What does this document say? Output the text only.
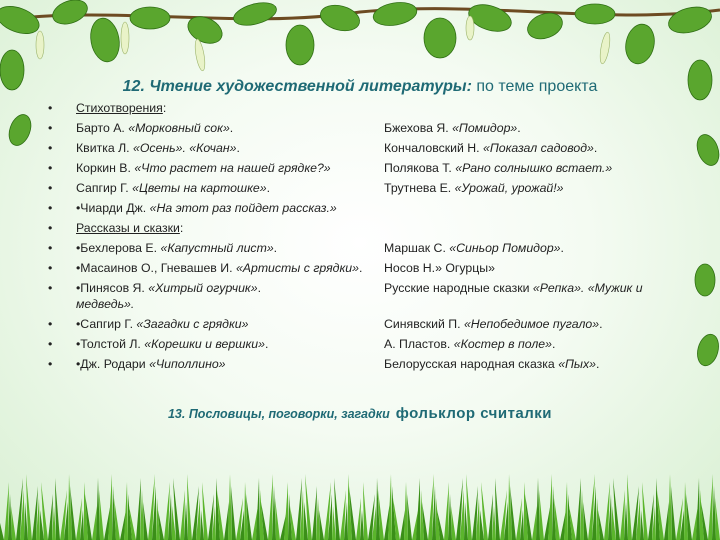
12. Чтение художественной литературы: по теме проекта
• Стихотворения:
• Барто А. «Морковный сок».	Бжехова Я. «Помидор».
• Квитка Л. «Осень». «Кочан».	Кончаловский Н. «Показал садовод».
• Коркин В. «Что растет на нашей грядке?»	Полякова Т. «Рано солнышко встает.»
• Сапгир Г. «Цветы на картошке».	Трутнева Е. «Урожай, урожай!»
• •Чиарди Дж. «На этот раз пойдет рассказ.»
• Рассказы и сказки:
• •Бехлерова Е. «Капустный лист».	Маршак С. «Синьор Помидор».
• •Масаинов О., Гневашев И. «Артисты с грядки». Носов Н.» Огурцы»
• •Пинясов Я. «Хитрый огурчик».	Русские народные сказки «Репка». «Мужик и
медведь».
• •Сапгир Г. «Загадки с грядки»	Синявский П. «Непобедимое пугало».
• •Толстой Л. «Корешки и вершки».	А. Пластов. «Костер в поле».
• •Дж. Родари «Чиполлино»	Белорусская народная сказка «Пых».
13. Пословицы, поговорки, загадки фольклор считалки
